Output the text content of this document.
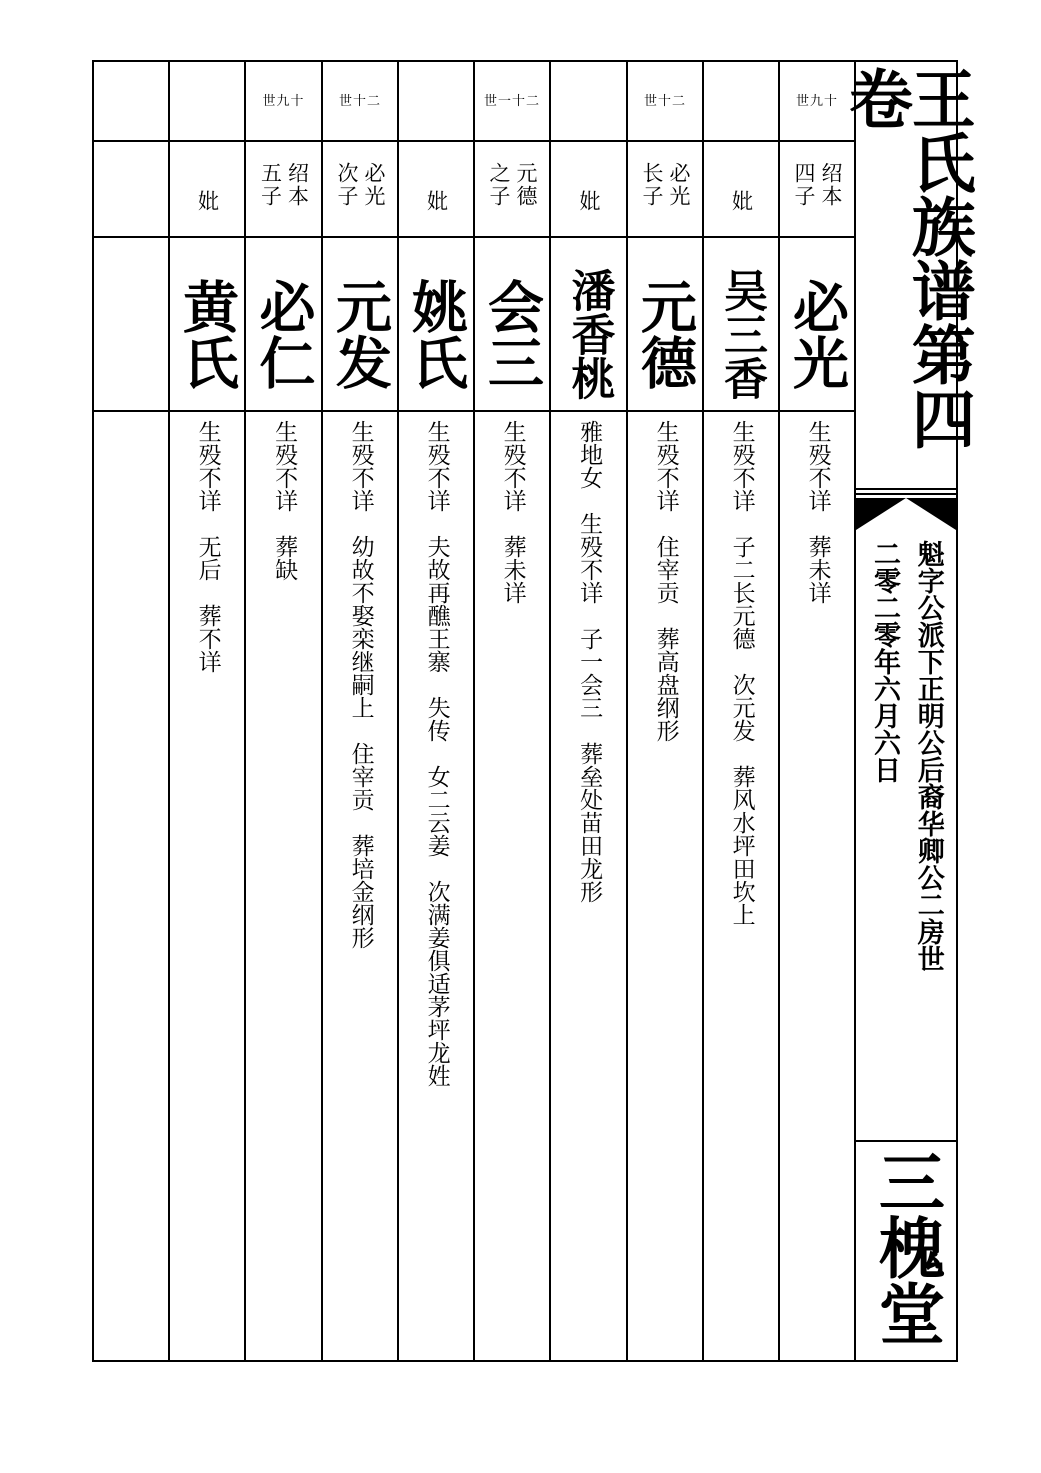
世九十
绍本
四子
必光
生殁不详　葬未详
妣
吴三香
生殁不详　子二长元德　次元发　葬风水坪田坎上
世十二
必光
长子
元德
生殁不详　住宰贡　葬高盘纲形
妣
潘香桃
雅地女　生殁不详　子一会三　葬垒处苗田龙形
世一十二
元德
之子
会三
生殁不详　葬未详
妣
姚氏
生殁不详　夫故再醮王寨　失传　女二云姜　次满姜俱适茅坪龙姓
世十二
必光
次子
元发
生殁不详　幼故不娶栾继嗣上　住宰贡　葬培金纲形
世九十
绍本
五子
必仁
生殁不详　葬缺
妣
黄氏
生殁不详　无后　葬不详
王氏族谱第四卷
魁字公派下正明公后裔华卿公二房世
二零二零年六月六日
三槐堂
